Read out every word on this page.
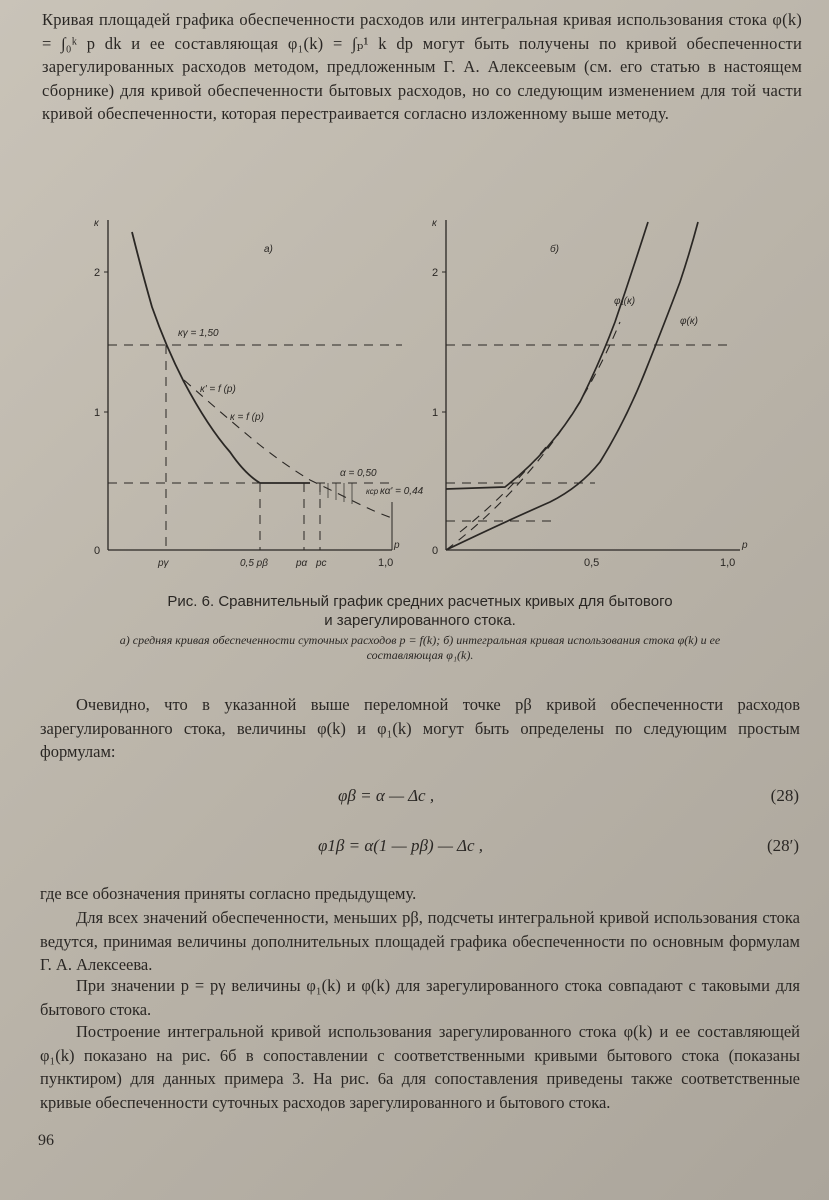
Кривая площадей графика обеспеченности расходов или интегральная кривая использования стока φ(k) = ∫₀ᵏ p dk и ее составляющая φ₁(k) = ∫ₚ¹ k dp могут быть получены по кривой обеспеченности зарегулированных расходов методом, предложенным Г. А. Алексеевым (см. его статью в настоящем сборнике) для кривой обеспеченности бытовых расходов, но со следующим изменением для той части кривой обеспеченности, которая перестраивается согласно изложенному выше методу.

к
а)
2
1
0	р
рγ	0,5 рβ	рα рс	1,0
кγ = 1,50
к' = f (p)
к = f (p)
α = 0,50
кα' = 0,44
кср
к
б)
2
1
0	р
0,5	1,0
φ₁(к)
φ(к)

Рис. 6. Сравнительный график средних расчетных кривых для бытового
и зарегулированного стока.

а) средняя кривая обеспеченности суточных расходов p = f(k); б) интегральная кривая использования стока φ(k) и ее составляющая φ₁(k).

Очевидно, что в указанной выше переломной точке pβ кривой обеспеченности расходов зарегулированного стока, величины φ(k) и φ₁(k) могут быть определены по следующим простым формулам:

φβ = α — Δc ,	(28)
φ1β = α(1 — pβ) — Δc ,	(28′)

где все обозначения приняты согласно предыдущему.

Для всех значений обеспеченности, меньших pβ, подсчеты интегральной кривой использования стока ведутся, принимая величины дополнительных площадей графика обеспеченности по основным формулам Г. А. Алексеева.

При значении p = pγ величины φ₁(k) и φ(k) для зарегулированного стока совпадают с таковыми для бытового стока.

Построение интегральной кривой использования зарегулированного стока φ(k) и ее составляющей φ₁(k) показано на рис. 6б в сопоставлении с соответственными кривыми бытового стока (показаны пунктиром) для данных примера 3. На рис. 6а для сопоставления приведены также соответственные кривые обеспеченности суточных расходов зарегулированного и бытового стока.

96
